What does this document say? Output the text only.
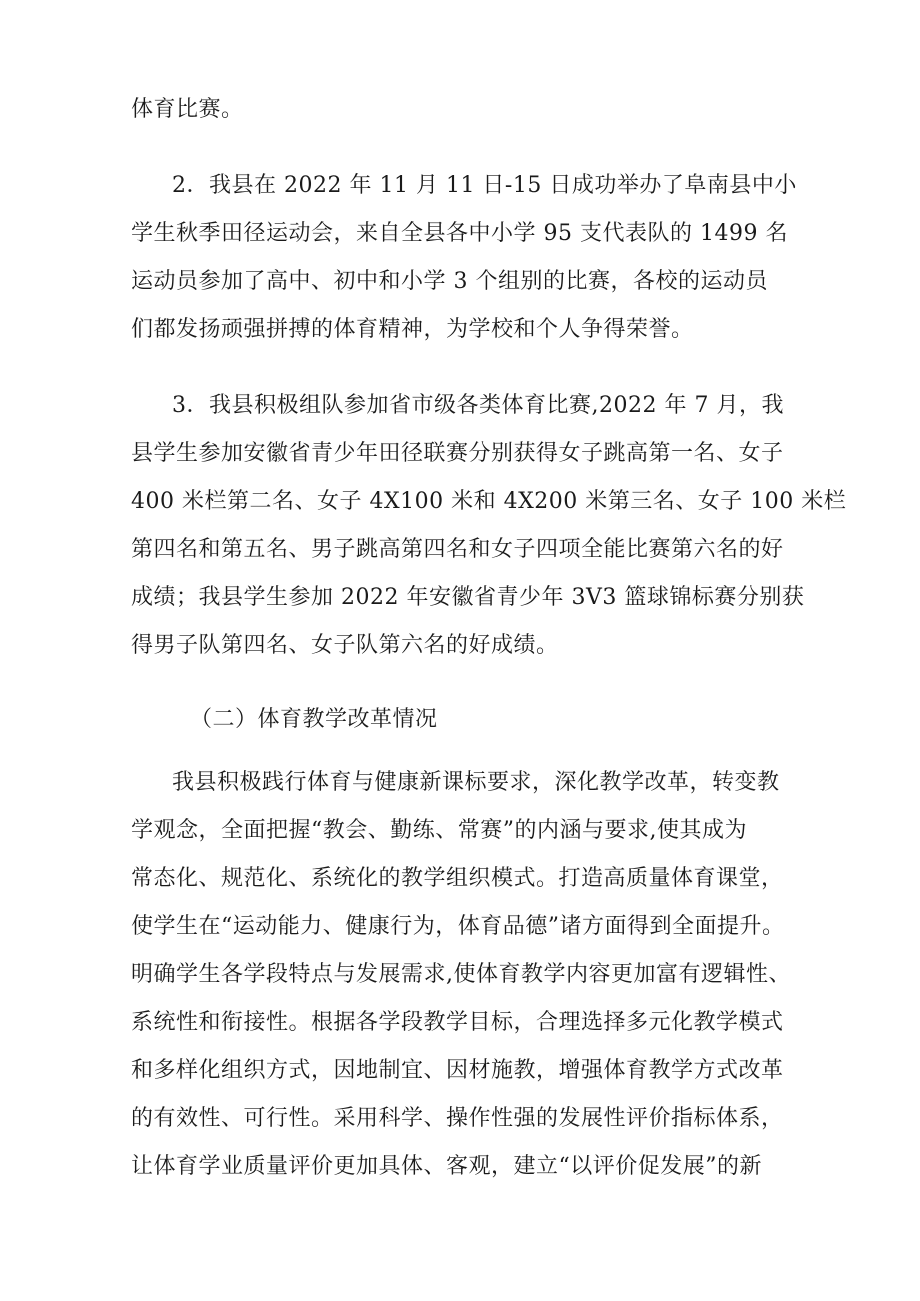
体育比赛。
2．我县在 2022 年 11 月 11 日-15 日成功举办了阜南县中小
学生秋季田径运动会，来自全县各中小学 95 支代表队的 1499 名
运动员参加了高中、初中和小学 3 个组别的比赛，各校的运动员
们都发扬顽强拼搏的体育精神，为学校和个人争得荣誉。
3．我县积极组队参加省市级各类体育比赛,2022 年 7 月，我
县学生参加安徽省青少年田径联赛分别获得女子跳高第一名、女子
400 米栏第二名、女子 4X100 米和 4X200 米第三名、女子 100 米栏
第四名和第五名、男子跳高第四名和女子四项全能比赛第六名的好
成绩；我县学生参加 2022 年安徽省青少年 3V3 篮球锦标赛分别获
得男子队第四名、女子队第六名的好成绩。
（二）体育教学改革情况
我县积极践行体育与健康新课标要求，深化教学改革，转变教
学观念，全面把握“教会、勤练、常赛”的内涵与要求,使其成为
常态化、规范化、系统化的教学组织模式。打造高质量体育课堂，
使学生在“运动能力、健康行为，体育品德”诸方面得到全面提升。
明确学生各学段特点与发展需求,使体育教学内容更加富有逻辑性、
系统性和衔接性。根据各学段教学目标，合理选择多元化教学模式
和多样化组织方式，因地制宜、因材施教，增强体育教学方式改革
的有效性、可行性。采用科学、操作性强的发展性评价指标体系，
让体育学业质量评价更加具体、客观，建立“以评价促发展”的新
